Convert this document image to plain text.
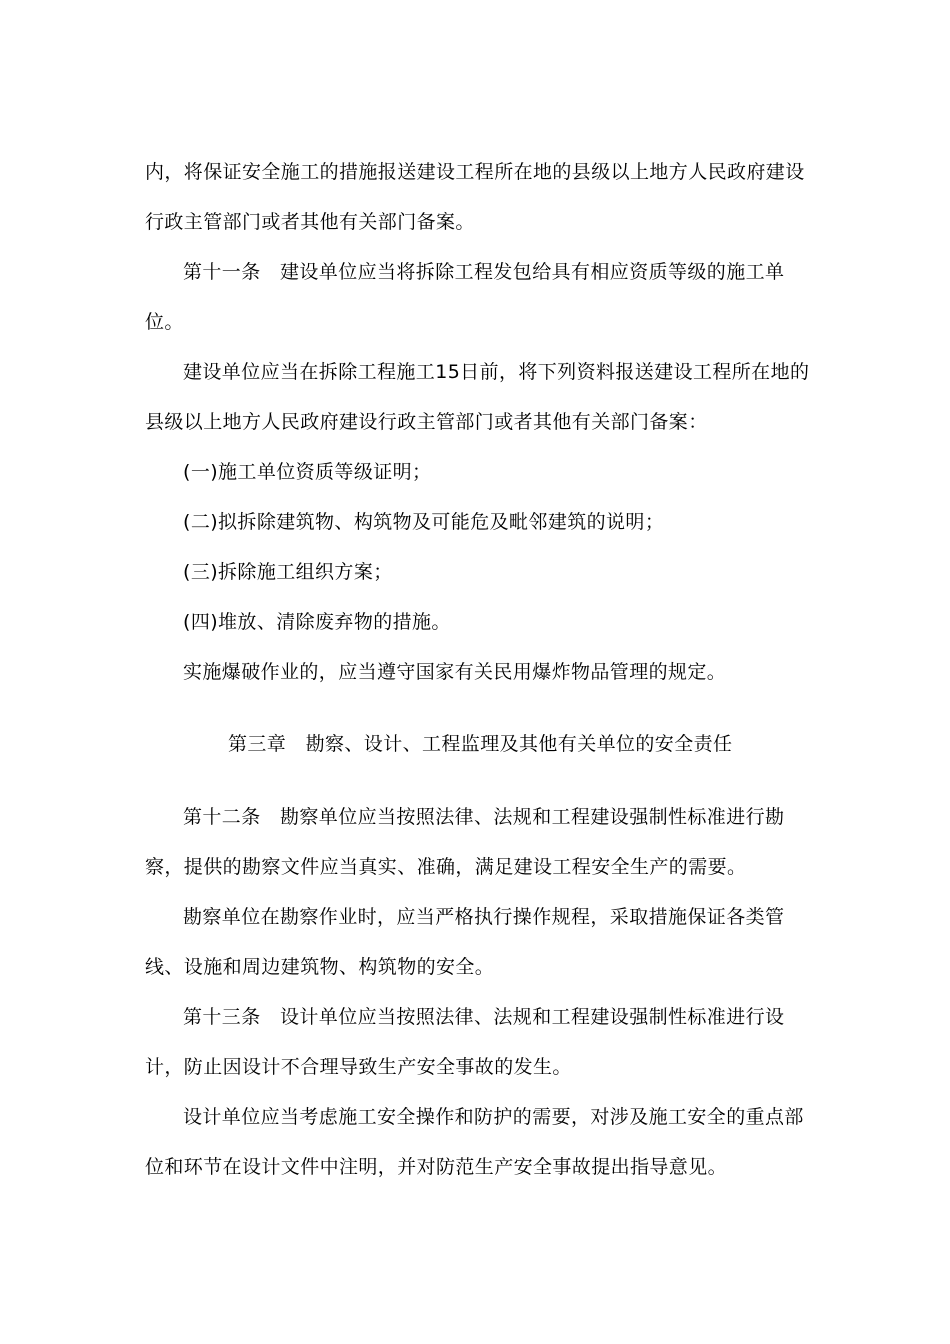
内，将保证安全施工的措施报送建设工程所在地的县级以上地方人民政府建设
行政主管部门或者其他有关部门备案。
第十一条　建设单位应当将拆除工程发包给具有相应资质等级的施工单
位。
建设单位应当在拆除工程施工15日前，将下列资料报送建设工程所在地的
县级以上地方人民政府建设行政主管部门或者其他有关部门备案：
(一)施工单位资质等级证明；
(二)拟拆除建筑物、构筑物及可能危及毗邻建筑的说明；
(三)拆除施工组织方案；
(四)堆放、清除废弃物的措施。
实施爆破作业的，应当遵守国家有关民用爆炸物品管理的规定。
第三章　勘察、设计、工程监理及其他有关单位的安全责任
第十二条　勘察单位应当按照法律、法规和工程建设强制性标准进行勘
察，提供的勘察文件应当真实、准确，满足建设工程安全生产的需要。
勘察单位在勘察作业时，应当严格执行操作规程，采取措施保证各类管
线、设施和周边建筑物、构筑物的安全。
第十三条　设计单位应当按照法律、法规和工程建设强制性标准进行设
计，防止因设计不合理导致生产安全事故的发生。
设计单位应当考虑施工安全操作和防护的需要，对涉及施工安全的重点部
位和环节在设计文件中注明，并对防范生产安全事故提出指导意见。
